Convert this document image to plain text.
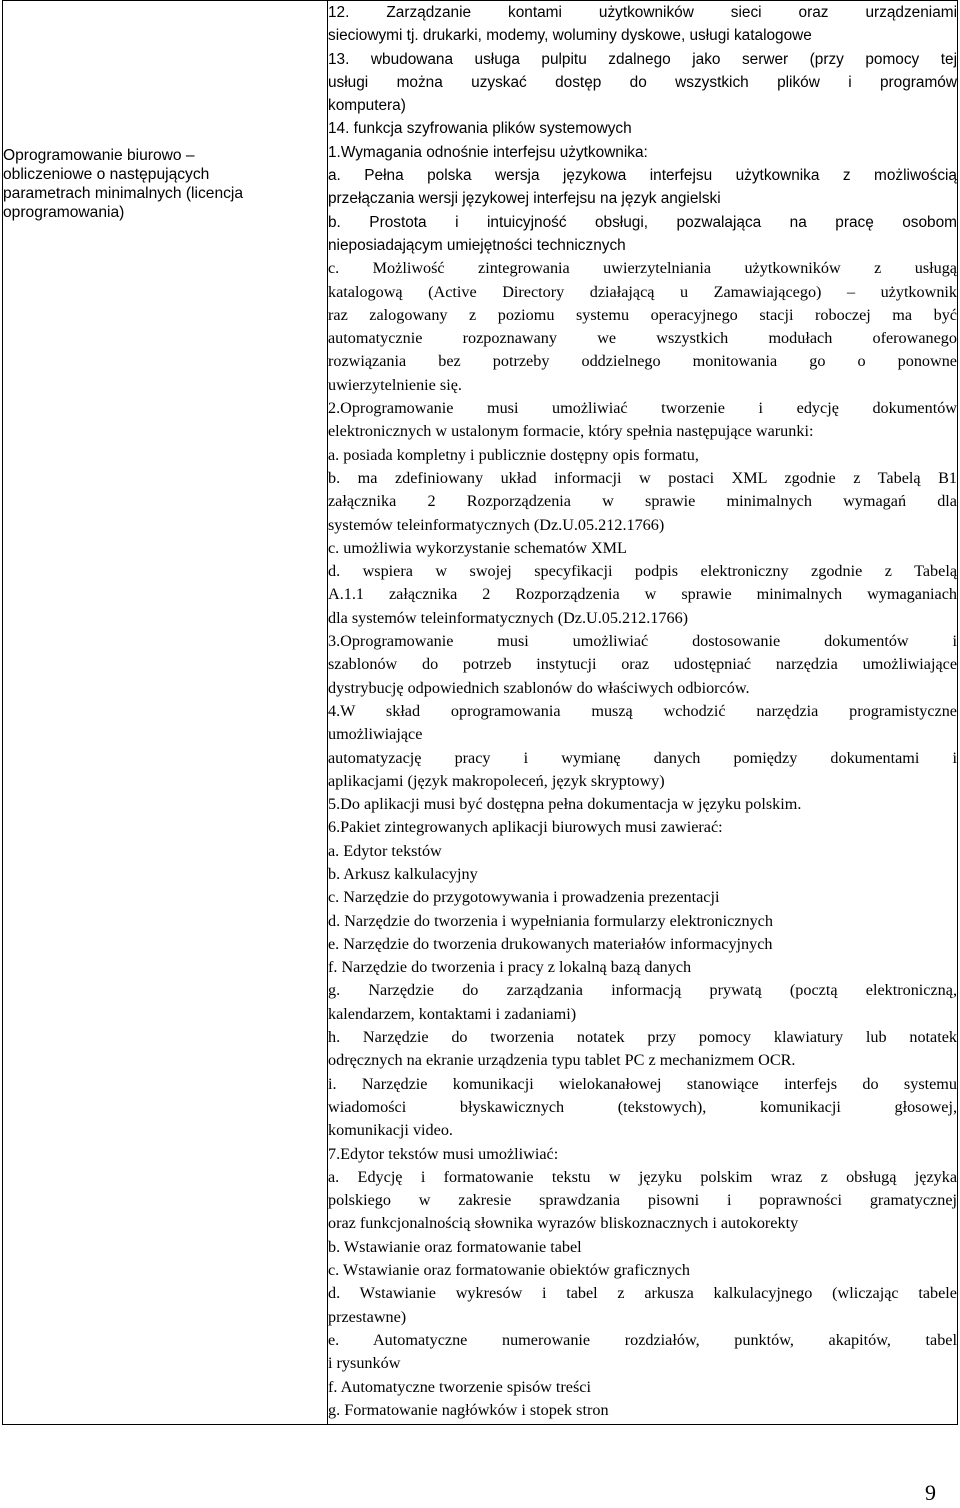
Oprogramowanie biurowo –
obliczeniowe o następujących
parametrach minimalnych (licencja
oprogramowania)

12. Zarządzanie kontami użytkowników sieci oraz urządzeniami
sieciowymi tj. drukarki, modemy, woluminy dyskowe, usługi katalogowe
13. wbudowana usługa pulpitu zdalnego jako serwer (przy pomocy tej
usługi można uzyskać dostęp do wszystkich plików i programów
komputera)
14. funkcja szyfrowania plików systemowych
1.Wymagania odnośnie interfejsu użytkownika:
a. Pełna polska wersja językowa interfejsu użytkownika z możliwością
przełączania wersji językowej interfejsu na język angielski
b. Prostota i intuicyjność obsługi, pozwalająca na pracę osobom
nieposiadającym umiejętności technicznych
c. Możliwość zintegrowania uwierzytelniania użytkowników z usługą
katalogową (Active Directory działającą u Zamawiającego) – użytkownik
raz zalogowany z poziomu systemu operacyjnego stacji roboczej ma być
automatycznie rozpoznawany we wszystkich modułach oferowanego
rozwiązania bez potrzeby oddzielnego monitowania go o ponowne
uwierzytelnienie się.
2.Oprogramowanie musi umożliwiać tworzenie i edycję dokumentów
elektronicznych w ustalonym formacie, który spełnia następujące warunki:
a. posiada kompletny i publicznie dostępny opis formatu,
b. ma zdefiniowany układ informacji w postaci XML zgodnie z Tabelą B1
załącznika 2 Rozporządzenia w sprawie minimalnych wymagań dla
systemów teleinformatycznych (Dz.U.05.212.1766)
c. umożliwia wykorzystanie schematów XML
d. wspiera w swojej specyfikacji podpis elektroniczny zgodnie z Tabelą
A.1.1 załącznika 2 Rozporządzenia w sprawie minimalnych wymaganiach
dla systemów teleinformatycznych (Dz.U.05.212.1766)
3.Oprogramowanie musi umożliwiać dostosowanie dokumentów i
szablonów do potrzeb instytucji oraz udostępniać narzędzia umożliwiające
dystrybucję odpowiednich szablonów do właściwych odbiorców.
4.W skład oprogramowania muszą wchodzić narzędzia programistyczne
umożliwiające
automatyzację pracy i wymianę danych pomiędzy dokumentami i
aplikacjami (język makropoleceń, język skryptowy)
5.Do aplikacji musi być dostępna pełna dokumentacja w języku polskim.
6.Pakiet zintegrowanych aplikacji biurowych musi zawierać:
a. Edytor tekstów
b. Arkusz kalkulacyjny
c. Narzędzie do przygotowywania i prowadzenia prezentacji
d. Narzędzie do tworzenia i wypełniania formularzy elektronicznych
e. Narzędzie do tworzenia drukowanych materiałów informacyjnych
f. Narzędzie do tworzenia i pracy z lokalną bazą danych
g. Narzędzie do zarządzania informacją prywatą (pocztą elektroniczną,
kalendarzem, kontaktami i zadaniami)
h. Narzędzie do tworzenia notatek przy pomocy klawiatury lub notatek
odręcznych na ekranie urządzenia typu tablet PC z mechanizmem OCR.
i. Narzędzie komunikacji wielokanałowej stanowiące interfejs do systemu
wiadomości błyskawicznych (tekstowych), komunikacji głosowej,
komunikacji video.
7.Edytor tekstów musi umożliwiać:
a. Edycję i formatowanie tekstu w języku polskim wraz z obsługą języka
polskiego w zakresie sprawdzania pisowni i poprawności gramatycznej
oraz funkcjonalnością słownika wyrazów bliskoznacznych i autokorekty
b. Wstawianie oraz formatowanie tabel
c. Wstawianie oraz formatowanie obiektów graficznych
d. Wstawianie wykresów i tabel z arkusza kalkulacyjnego (wliczając tabele
przestawne)
e. Automatyczne numerowanie rozdziałów, punktów, akapitów, tabel
i rysunków
f. Automatyczne tworzenie spisów treści
g. Formatowanie nagłówków i stopek stron
9
